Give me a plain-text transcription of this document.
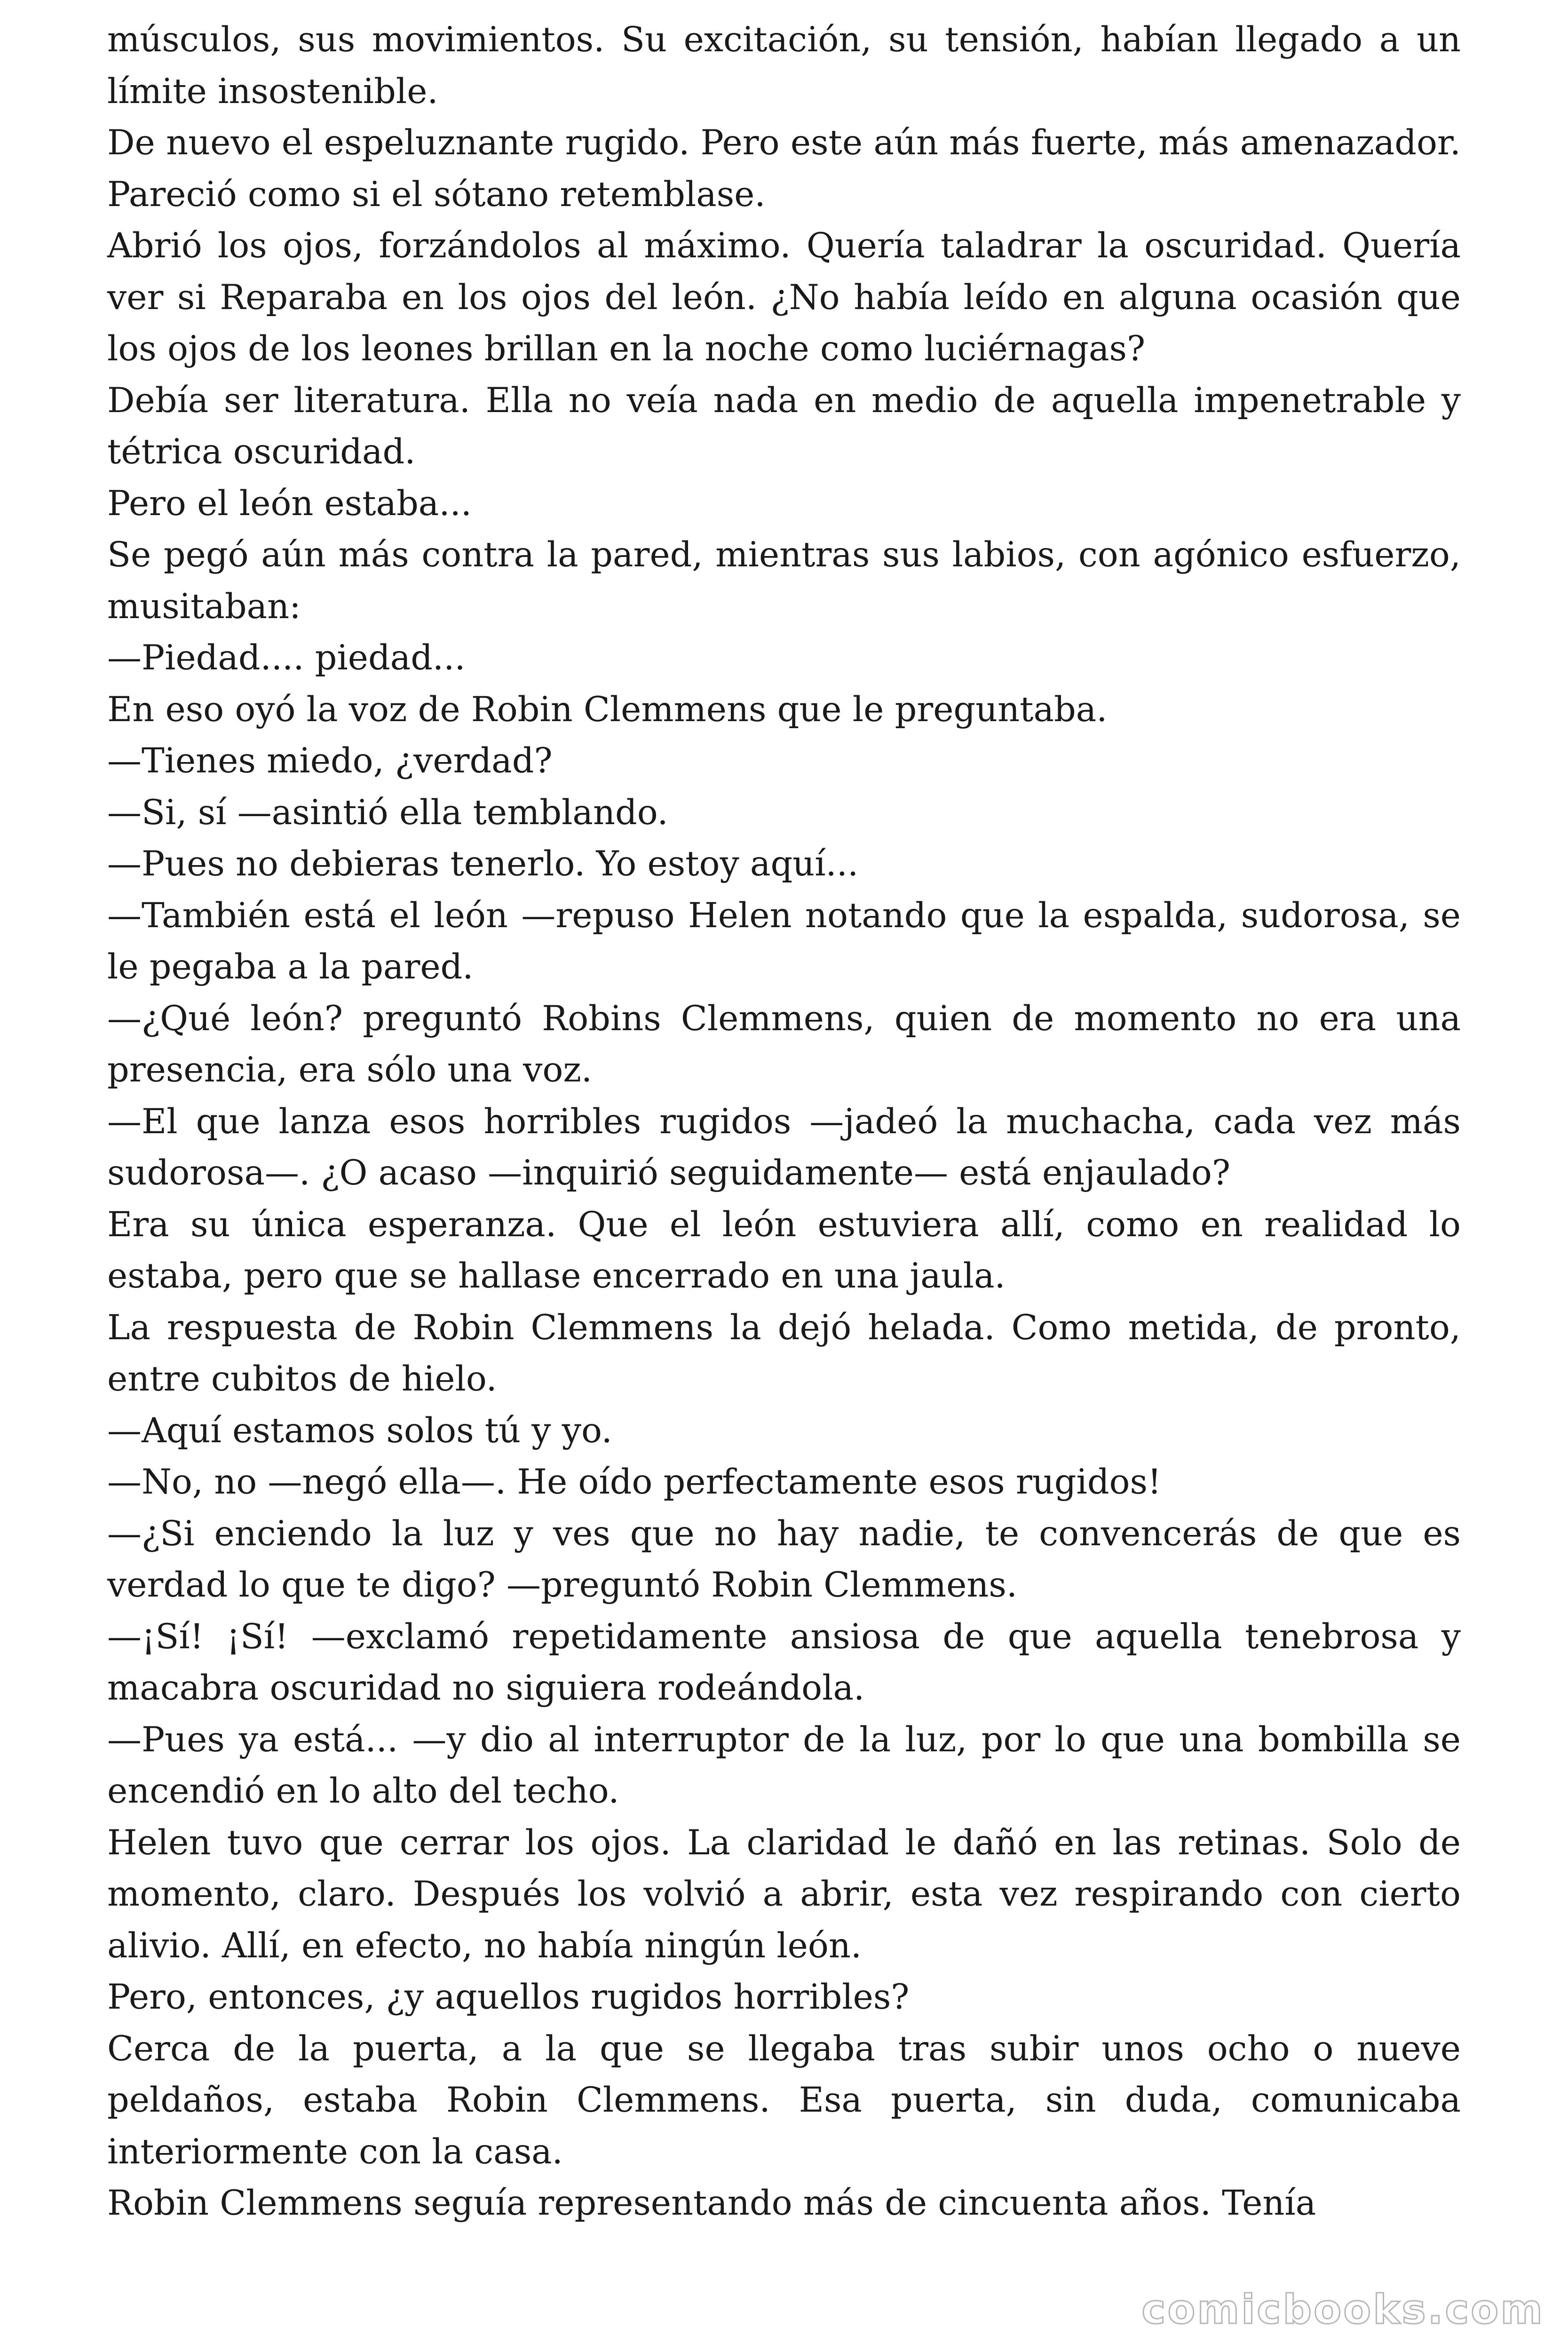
músculos, sus movimientos. Su excitación, su tensión, habían llegado a un límite insostenible.

De nuevo el espeluznante rugido. Pero este aún más fuerte, más amenazador. Pareció como si el sótano retemblase.

Abrió los ojos, forzándolos al máximo. Quería taladrar la oscuridad. Quería ver si Reparaba en los ojos del león. ¿No había leído en alguna ocasión que los ojos de los leones brillan en la noche como luciérnagas?

Debía ser literatura. Ella no veía nada en medio de aquella impenetrable y tétrica oscuridad.

Pero el león estaba...

Se pegó aún más contra la pared, mientras sus labios, con agónico esfuerzo, musitaban:

—Piedad.... piedad...

En eso oyó la voz de Robin Clemmens que le preguntaba.

—Tienes miedo, ¿verdad?

—Si, sí —asintió ella temblando.

—Pues no debieras tenerlo. Yo estoy aquí...

—También está el león —repuso Helen notando que la espalda, sudorosa, se le pegaba a la pared.

—¿Qué león? preguntó Robins Clemmens, quien de momento no era una presencia, era sólo una voz.

—El que lanza esos horribles rugidos —jadeó la muchacha, cada vez más sudorosa—. ¿O acaso —inquirió seguidamente— está enjaulado?

Era su única esperanza. Que el león estuviera allí, como en realidad lo estaba, pero que se hallase encerrado en una jaula.

La respuesta de Robin Clemmens la dejó helada. Como metida, de pronto, entre cubitos de hielo.

—Aquí estamos solos tú y yo.

—No, no —negó ella—. He oído perfectamente esos rugidos!

—¿Si enciendo la luz y ves que no hay nadie, te convencerás de que es verdad lo que te digo? —preguntó Robin Clemmens.

—¡Sí! ¡Sí! —exclamó repetidamente ansiosa de que aquella tenebrosa y macabra oscuridad no siguiera rodeándola.

—Pues ya está... —y dio al interruptor de la luz, por lo que una bombilla se encendió en lo alto del techo.

Helen tuvo que cerrar los ojos. La claridad le dañó en las retinas. Solo de momento, claro. Después los volvió a abrir, esta vez respirando con cierto alivio. Allí, en efecto, no había ningún león.

Pero, entonces, ¿y aquellos rugidos horribles?

Cerca de la puerta, a la que se llegaba tras subir unos ocho o nueve peldaños, estaba Robin Clemmens. Esa puerta, sin duda, comunicaba interiormente con la casa.

Robin Clemmens seguía representando más de cincuenta años. Tenía

comicbooks.com
